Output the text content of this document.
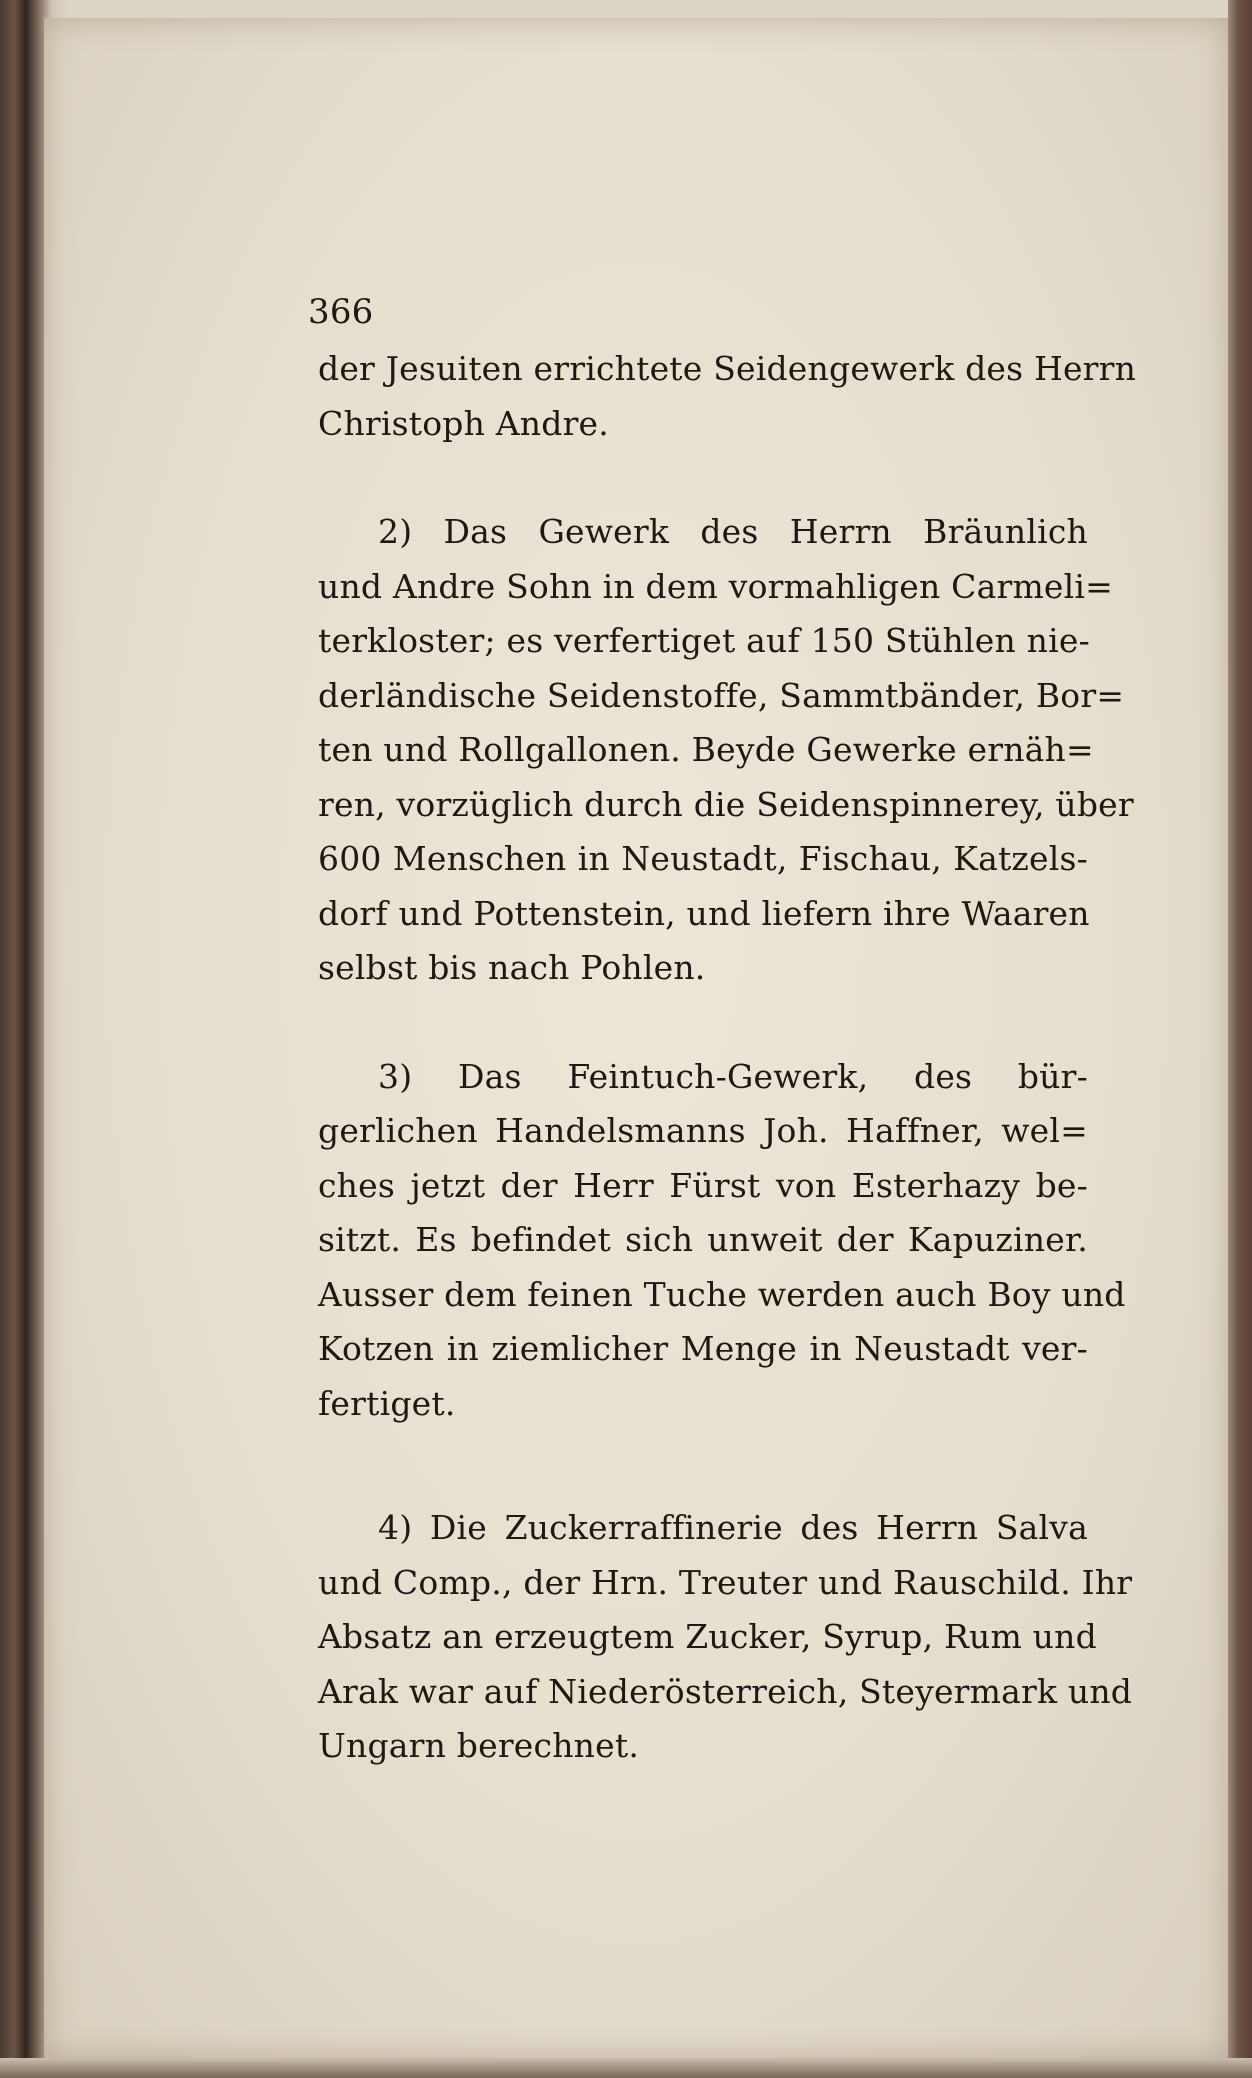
366
der Jesuiten errichtete Seidengewerk des Herrn
Christoph Andre.
2) Das Gewerk des Herrn Bräunlich
und Andre Sohn in dem vormahligen Carmeli=
terkloster; es verfertiget auf 150 Stühlen nie-
derländische Seidenstoffe, Sammtbänder, Bor=
ten und Rollgallonen. Beyde Gewerke ernäh=
ren, vorzüglich durch die Seidenspinnerey, über
600 Menschen in Neustadt, Fischau, Katzels-
dorf und Pottenstein, und liefern ihre Waaren
selbst bis nach Pohlen.
3) Das Feintuch-Gewerk, des bür-
gerlichen Handelsmanns Joh. Haffner, wel=
ches jetzt der Herr Fürst von Esterhazy be-
sitzt. Es befindet sich unweit der Kapuziner.
Ausser dem feinen Tuche werden auch Boy und
Kotzen in ziemlicher Menge in Neustadt ver-
fertiget.
4) Die Zuckerraffinerie des Herrn Salva
und Comp., der Hrn. Treuter und Rauschild. Ihr
Absatz an erzeugtem Zucker, Syrup, Rum und
Arak war auf Niederösterreich, Steyermark und
Ungarn berechnet.
